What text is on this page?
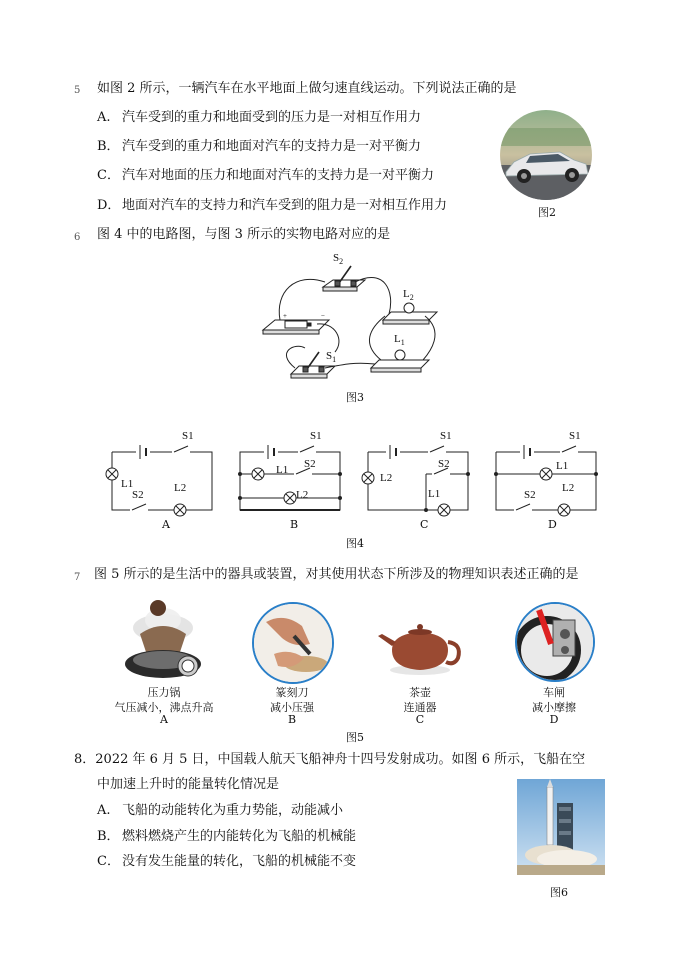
5 如图 2 所示，一辆汽车在水平地面上做匀速直线运动。下列说法正确的是
A. 汽车受到的重力和地面受到的压力是一对相互作用力
B． 汽车受到的重力和地面对汽车的支持力是一对平衡力
C． 汽车对地面的压力和地面对汽车的支持力是一对平衡力
D． 地面对汽车的支持力和汽车受到的阻力是一对相互作用力	图2
6 图 4 中的电路图，与图 3 所示的实物电路对应的是
+	−
$S_2$
$L_2$
$L_1$
$S_1$
图3
S1
L1
S2
L2
A
S1
L1 S2
L2
B
S1
L2
S2
L1
C
S1
L1
S2
L2
D
图4
7 图 5 所示的是生活中的器具或装置，对其使用状态下所涉及的物理知识表述正确的是
压力锅
气压减小，沸点升高
A
篆刻刀
减小压强
B
茶壶
连通器
C
车闸
减小摩擦
D
图5
8．2022 年 6 月 5 日，中国载人航天飞船神舟十四号发射成功。如图 6 所示，飞船在空
中加速上升时的能量转化情况是
A. 飞船的动能转化为重力势能，动能减小
B． 燃料燃烧产生的内能转化为飞船的机械能
C． 没有发生能量的转化，飞船的机械能不变
图6
